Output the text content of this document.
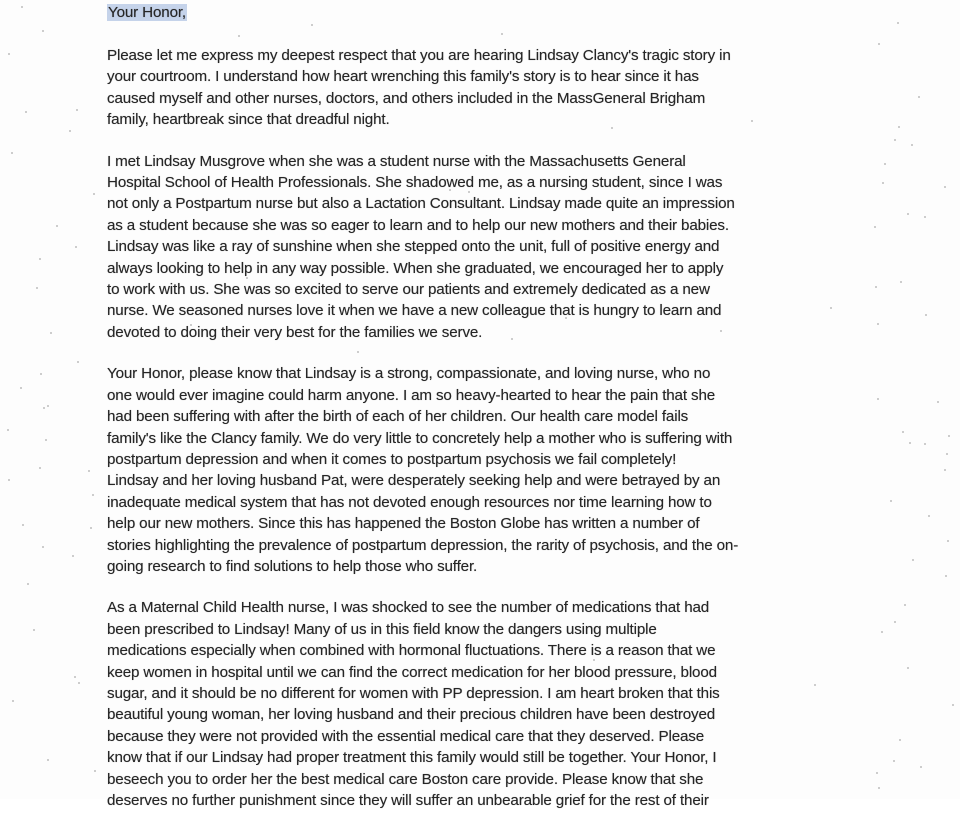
Your Honor,
Please let me express my deepest respect that you are hearing Lindsay Clancy's tragic story in
your courtroom. I understand how heart wrenching this family's story is to hear since it has
caused myself and other nurses, doctors, and others included in the MassGeneral Brigham
family, heartbreak since that dreadful night.
I met Lindsay Musgrove when she was a student nurse with the Massachusetts General
Hospital School of Health Professionals. She shadowed me, as a nursing student, since I was
not only a Postpartum nurse but also a Lactation Consultant. Lindsay made quite an impression
as a student because she was so eager to learn and to help our new mothers and their babies.
Lindsay was like a ray of sunshine when she stepped onto the unit, full of positive energy and
always looking to help in any way possible. When she graduated, we encouraged her to apply
to work with us. She was so excited to serve our patients and extremely dedicated as a new
nurse. We seasoned nurses love it when we have a new colleague that is hungry to learn and
devoted to doing their very best for the families we serve.
Your Honor, please know that Lindsay is a strong, compassionate, and loving nurse, who no
one would ever imagine could harm anyone. I am so heavy-hearted to hear the pain that she
had been suffering with after the birth of each of her children. Our health care model fails
family's like the Clancy family. We do very little to concretely help a mother who is suffering with
postpartum depression and when it comes to postpartum psychosis we fail completely!
Lindsay and her loving husband Pat, were desperately seeking help and were betrayed by an
inadequate medical system that has not devoted enough resources nor time learning how to
help our new mothers. Since this has happened the Boston Globe has written a number of
stories highlighting the prevalence of postpartum depression, the rarity of psychosis, and the on-
going research to find solutions to help those who suffer.
As a Maternal Child Health nurse, I was shocked to see the number of medications that had
been prescribed to Lindsay! Many of us in this field know the dangers using multiple
medications especially when combined with hormonal fluctuations. There is a reason that we
keep women in hospital until we can find the correct medication for her blood pressure, blood
sugar, and it should be no different for women with PP depression. I am heart broken that this
beautiful young woman, her loving husband and their precious children have been destroyed
because they were not provided with the essential medical care that they deserved. Please
know that if our Lindsay had proper treatment this family would still be together. Your Honor, I
beseech you to order her the best medical care Boston care provide. Please know that she
deserves no further punishment since they will suffer an unbearable grief for the rest of their
